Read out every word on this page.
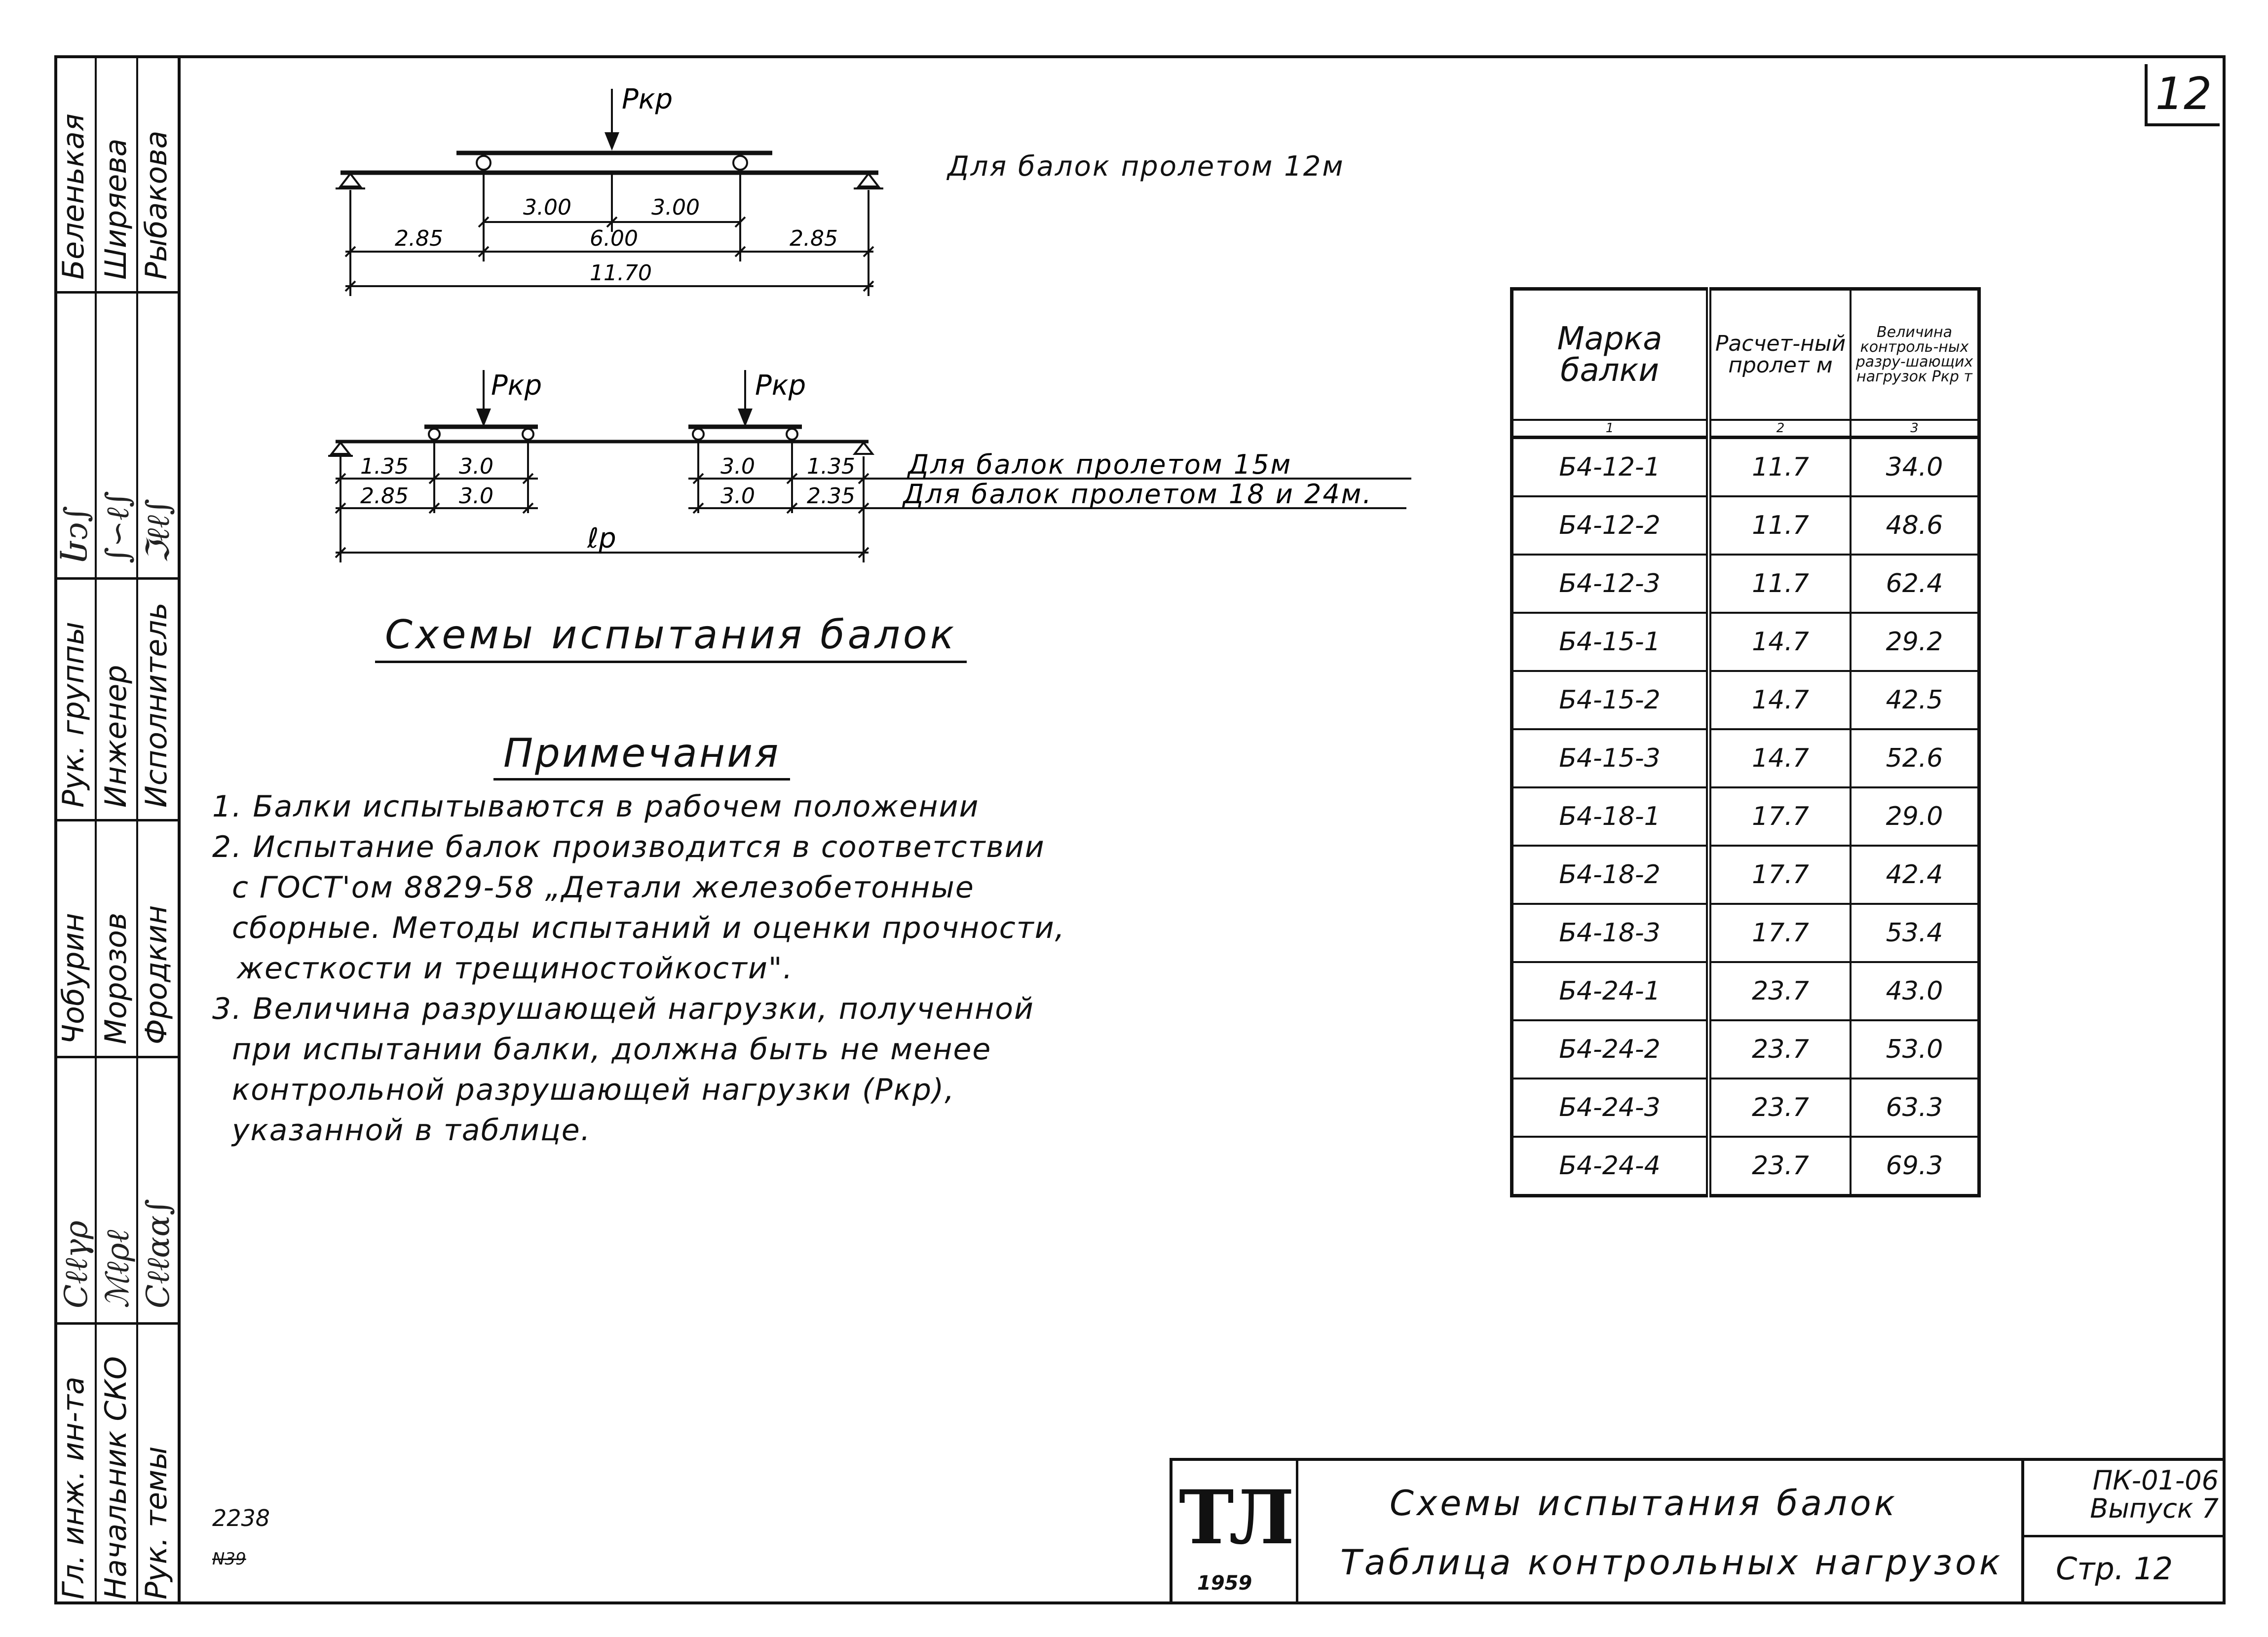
12
Беленькая Ширяева Рыбакова
Ⴑↄ∫ ∫∽ℓ∫ ℑℓℓ∫
Рук. группы Инженер Исполнитель
Чобурин Морозов Фродкин
Сℓℓγρ ℳℓρℓ Сℓℓαα∫
Гл. инж. ин-та Начальник СКО Рук. темы
Ркр
3.00	3.00
2.85	6.00	2.85
11.70
Для балок пролетом 12м
Ркр	Ркр
1.35 3.0
2.85 3.0
3.0 1.35
3.0 2.35
ℓр
Для балок пролетом 15м
Для балок пролетом 18 и 24м.
Схемы испытания балок
Примечания
1. Балки испытываются в рабочем положении
2. Испытание балок производится в соответствии
с ГОСТ'ом 8829-58 „Детали железобетонные
сборные. Методы испытаний и оценки прочности,
жесткости и трещиностойкости".
3. Величина разрушающей нагрузки, полученной
при испытании балки, должна быть не менее
контрольной разрушающей нагрузки (Ркр),
указанной в таблице.
Марка балки	Расчет-ный пролет м	Величина контроль-ных разру-шающих нагрузок Ркр т
1	2	3
Б4-12-1	11.7	34.0
Б4-12-2	11.7	48.6
Б4-12-3	11.7	62.4
Б4-15-1	14.7	29.2
Б4-15-2	14.7	42.5
Б4-15-3	14.7	52.6
Б4-18-1	17.7	29.0
Б4-18-2	17.7	42.4
Б4-18-3	17.7	53.4
Б4-24-1	23.7	43.0
Б4-24-2	23.7	53.0
Б4-24-3	23.7	63.3
Б4-24-4	23.7	69.3
2238
N39	ТЛ
1959
Схемы испытания балок
Таблица контрольных нагрузок
ПК-01-06
Выпуск 7
Стр. 12
